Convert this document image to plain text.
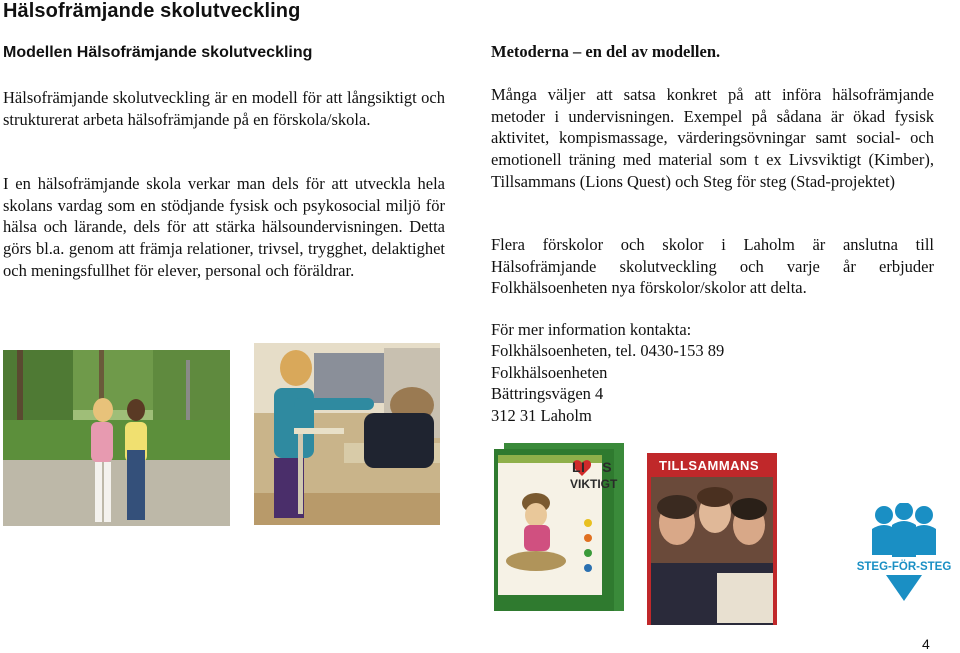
Hälsofrämjande skolutveckling
Modellen Hälsofrämjande skolutveckling

Hälsofrämjande skolutveckling är en modell för att långsiktigt och strukturerat arbeta hälsofrämjande på en förskola/skola.

I en hälsofrämjande skola verkar man dels för att utveckla hela skolans vardag som en stödjande fysisk och psykosocial miljö för hälsa och lärande, dels för att stärka hälsoundervisningen. Detta görs bl.a. genom att främja relationer, trivsel, trygghet, delaktighet och meningsfullhet för elever, personal och föräldrar.

Metoderna – en del av modellen.

Många väljer att satsa konkret på att införa hälsofrämjande metoder i undervisningen. Exempel på sådana är ökad fysisk aktivitet, kompismassage, värderingsövningar samt social- och emotionell träning med material som t ex Livsviktigt (Kimber), Tillsammans (Lions Quest) och Steg för steg (Stad-projektet)

Flera förskolor och skolor i Laholm är anslutna till Hälsofrämjande skolutveckling och varje år erbjuder Folkhälsoenheten nya förskolor/skolor att delta.

För mer information kontakta:
Folkhälsoenheten, tel. 0430-153 89
Folkhälsoenheten
Bättringsvägen 4
312 31 Laholm
LI S
VIKTIGT
TILLSAMMANS
STEG-FÖR-STEG
4
